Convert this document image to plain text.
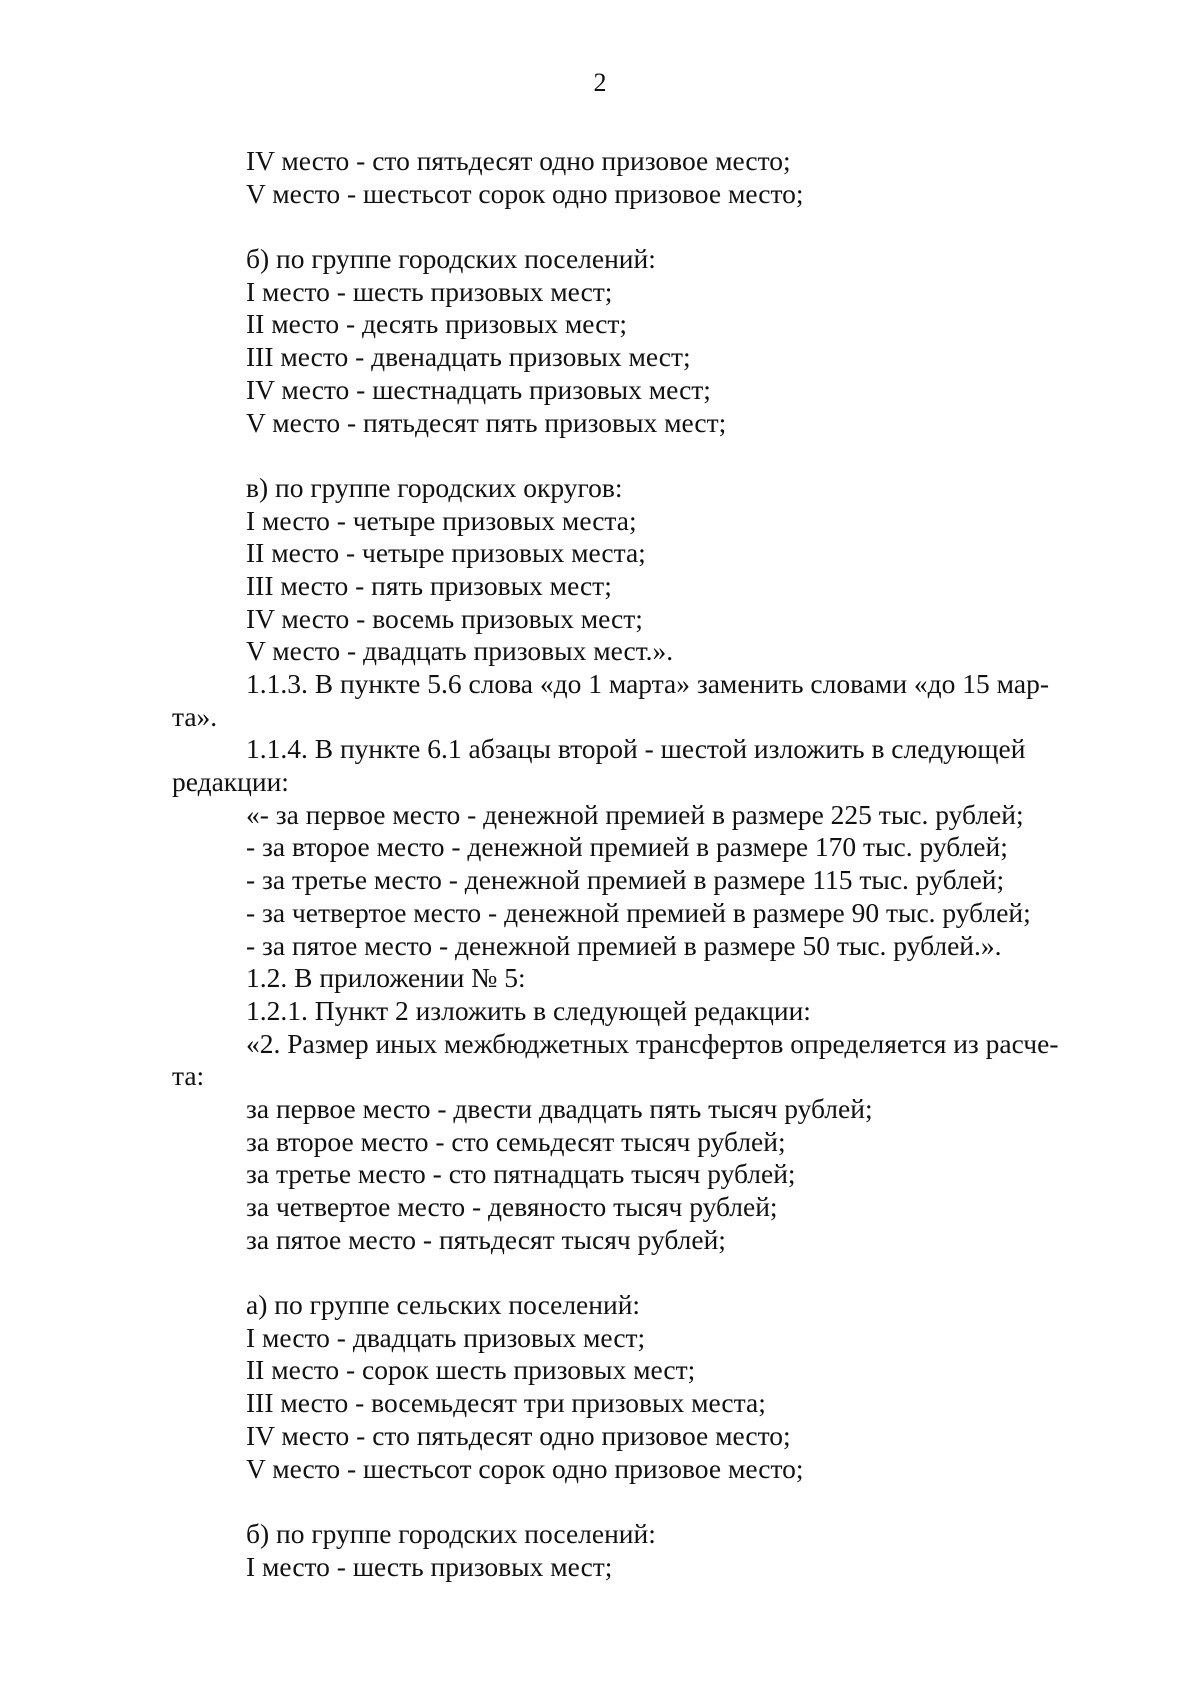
2
IV место - сто пятьдесят одно призовое место;
V место - шестьсот сорок одно призовое место;
б) по группе городских поселений:
I место - шесть призовых мест;
II место - десять призовых мест;
III место - двенадцать призовых мест;
IV место - шестнадцать призовых мест;
V место - пятьдесят пять призовых мест;
в) по группе городских округов:
I место - четыре призовых места;
II место - четыре призовых места;
III место - пять призовых мест;
IV место - восемь призовых мест;
V место - двадцать призовых мест.».
1.1.3. В пункте 5.6 слова «до 1 марта» заменить словами «до 15 мар-
та».
1.1.4. В пункте 6.1 абзацы второй - шестой изложить в следующей
редакции:
«- за первое место - денежной премией в размере 225 тыс. рублей;
- за второе место - денежной премией в размере 170 тыс. рублей;
- за третье место - денежной премией в размере 115 тыс. рублей;
- за четвертое место - денежной премией в размере 90 тыс. рублей;
- за пятое место - денежной премией в размере 50 тыс. рублей.».
1.2. В приложении № 5:
1.2.1. Пункт 2 изложить в следующей редакции:
«2. Размер иных межбюджетных трансфертов определяется из расче-
та:
за первое место - двести двадцать пять тысяч рублей;
за второе место - сто семьдесят тысяч рублей;
за третье место - сто пятнадцать тысяч рублей;
за четвертое место - девяносто тысяч рублей;
за пятое место - пятьдесят тысяч рублей;
а) по группе сельских поселений:
I место - двадцать призовых мест;
II место - сорок шесть призовых мест;
III место - восемьдесят три призовых места;
IV место - сто пятьдесят одно призовое место;
V место - шестьсот сорок одно призовое место;
б) по группе городских поселений:
I место - шесть призовых мест;
